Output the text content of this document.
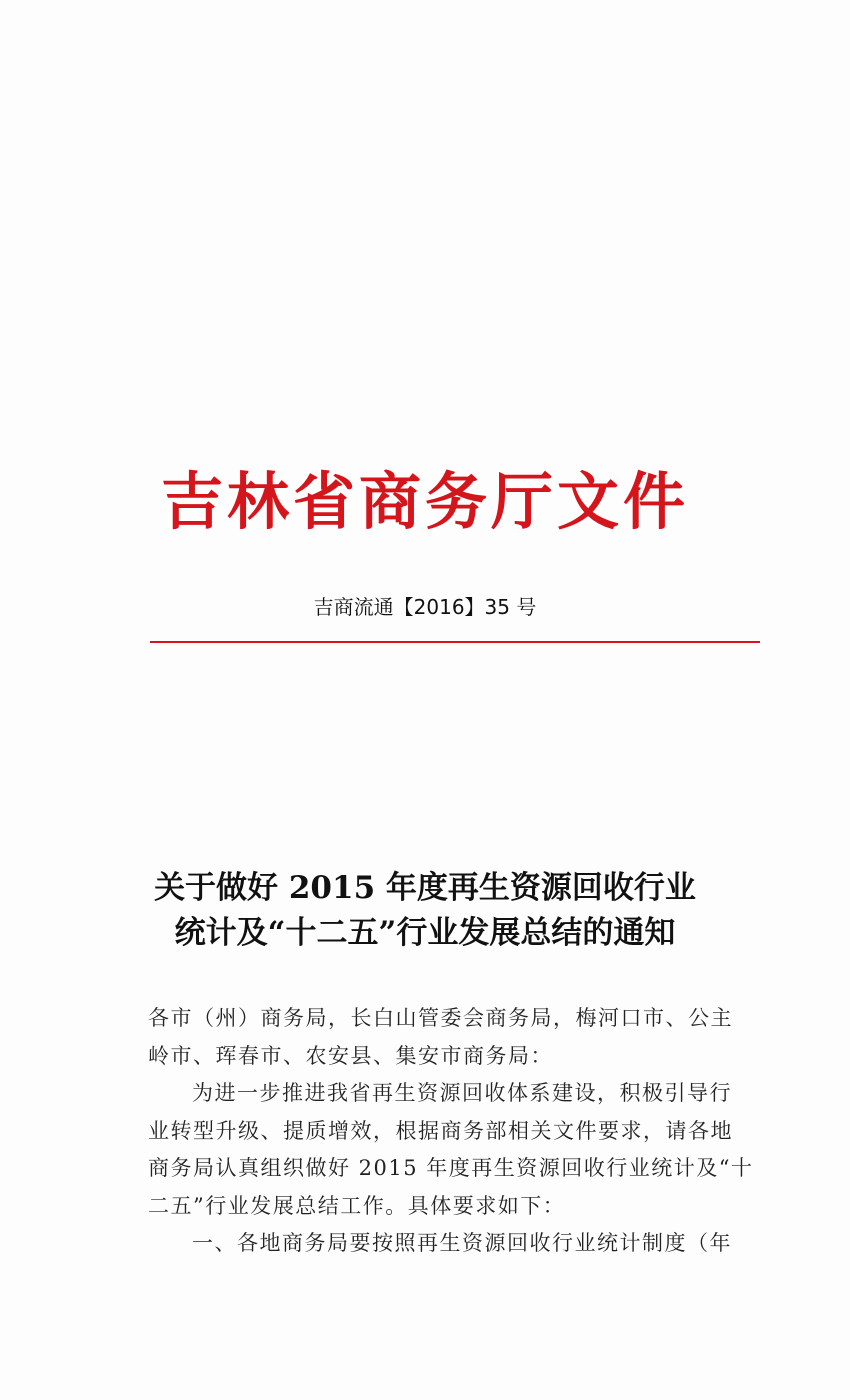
吉林省商务厅文件
吉商流通【2016】35 号
关于做好 2015 年度再生资源回收行业
统计及“十二五”行业发展总结的通知
各市（州）商务局，长白山管委会商务局，梅河口市、公主
岭市、珲春市、农安县、集安市商务局：
为进一步推进我省再生资源回收体系建设，积极引导行
业转型升级、提质增效，根据商务部相关文件要求，请各地
商务局认真组织做好 2015 年度再生资源回收行业统计及“十
二五”行业发展总结工作。具体要求如下：
一、各地商务局要按照再生资源回收行业统计制度（年
